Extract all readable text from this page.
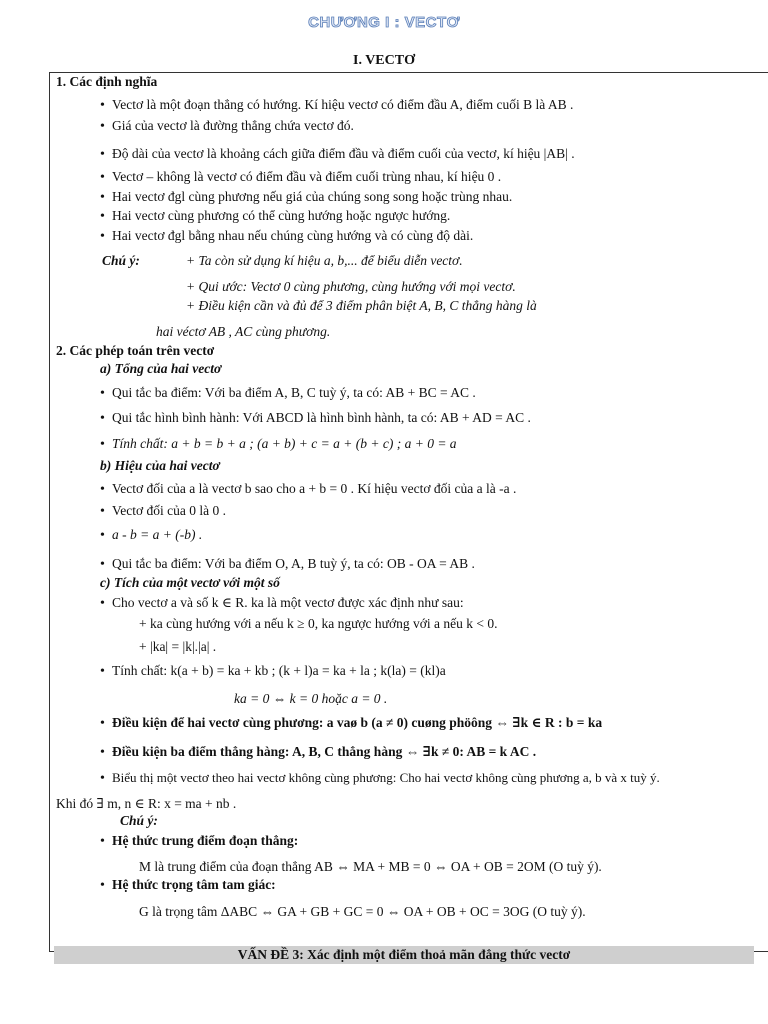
CHƯƠNG I : VECTƠ
I. VECTƠ
1. Các định nghĩa
• Vectơ là một đoạn thẳng có hướng. Kí hiệu vectơ có điểm đầu A, điểm cuối B là AB .
• Giá của vectơ là đường thẳng chứa vectơ đó.
• Độ dài của vectơ là khoảng cách giữa điểm đầu và điểm cuối của vectơ, kí hiệu |AB| .
• Vectơ – không là vectơ có điểm đầu và điểm cuối trùng nhau, kí hiệu 0 .
• Hai vectơ đgl cùng phương nếu giá của chúng song song hoặc trùng nhau.
• Hai vectơ cùng phương có thể cùng hướng hoặc ngược hướng.
• Hai vectơ đgl bằng nhau nếu chúng cùng hướng và có cùng độ dài.
Chú ý:	+ Ta còn sử dụng kí hiệu a, b,... để biểu diễn vectơ.
+ Qui ước: Vectơ 0 cùng phương, cùng hướng với mọi vectơ.
+ Điều kiện cần và đủ để 3 điểm phân biệt A, B, C thẳng hàng là
hai véctơ AB , AC cùng phương.
2. Các phép toán trên vectơ
a) Tổng của hai vectơ
• Qui tắc ba điểm: Với ba điểm A, B, C tuỳ ý, ta có: AB + BC = AC .
• Qui tắc hình bình hành: Với ABCD là hình bình hành, ta có: AB + AD = AC .
• Tính chất: a + b = b + a ; (a + b) + c = a + (b + c) ; a + 0 = a
b) Hiệu của hai vectơ
• Vectơ đối của a là vectơ b sao cho a + b = 0 . Kí hiệu vectơ đối của a là -a .
• Vectơ đối của 0 là 0 .
• a - b = a + (-b) .
• Qui tắc ba điểm: Với ba điểm O, A, B tuỳ ý, ta có: OB - OA = AB .
c) Tích của một vectơ với một số
• Cho vectơ a và số k ∈ R. ka là một vectơ được xác định như sau:
+ ka cùng hướng với a nếu k ≥ 0, ka ngược hướng với a nếu k < 0.
+ |ka| = |k|.|a| .
• Tính chất: k(a + b) = ka + kb ; (k + l)a = ka + la ; k(la) = (kl)a
ka = 0 ⇔ k = 0 hoặc a = 0 .
• Điều kiện để hai vectơ cùng phương: a vaø b (a ≠ 0) cuøng phöông ⇔ ∃k ∈ R : b = ka
• Điều kiện ba điểm thẳng hàng: A, B, C thẳng hàng ⇔ ∃k ≠ 0: AB = k AC .
• Biểu thị một vectơ theo hai vectơ không cùng phương: Cho hai vectơ không cùng phương a, b và x tuỳ ý.
Khi đó ∃ m, n ∈ R: x = ma + nb .
Chú ý:
• Hệ thức trung điểm đoạn thẳng:
M là trung điểm của đoạn thẳng AB ⇔ MA + MB = 0 ⇔ OA + OB = 2OM (O tuỳ ý).
• Hệ thức trọng tâm tam giác:
G là trọng tâm ΔABC ⇔ GA + GB + GC = 0 ⇔ OA + OB + OC = 3OG (O tuỳ ý).
VẤN ĐỀ 3: Xác định một điểm thoả mãn đẳng thức vectơ
